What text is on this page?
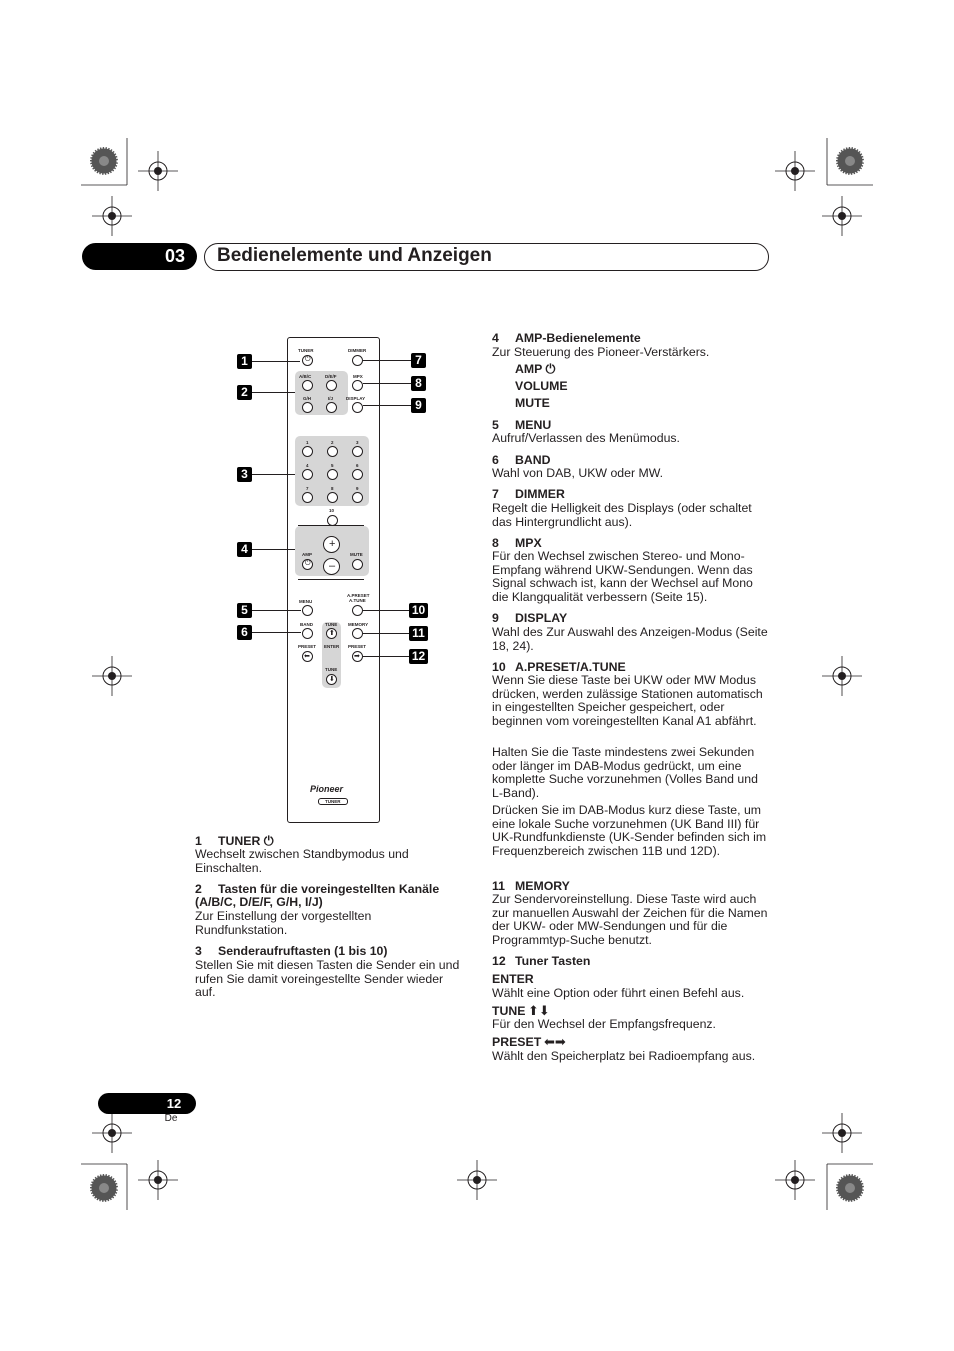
03 Bedienelemente und Anzeigen
TUNER
⏻
DIMMER
A/B/C	D/E/F	MPX
G/H	I/J	DISPLAY
1	2	3
4	5	6
7	8	9
10
+
–
AMP
⏻
MUTE
MENU
A.PRESET
A.TUNE
BAND	TUNE
⬆
MEMORY
PRESET
⬅
ENTER PRESET
➡
TUNE
⬇
Pioneer
TUNER
1
2
3
4
5
6
7
8
9
10
11
12
1 TUNER ⏻
Wechselt zwischen Standbymodus und Einschalten.
2 Tasten für die voreingestellten Kanäle
(A/B/C, D/E/F, G/H, I/J)
Zur Einstellung der vorgestellten Rundfunkstation.
3 Senderaufruftasten (1 bis 10)
Stellen Sie mit diesen Tasten die Sender ein und rufen Sie damit voreingestellte Sender wieder auf.
4 AMP-Bedienelemente
Zur Steuerung des Pioneer-Verstärkers.
AMP ⏻
VOLUME
MUTE
5 MENU
Aufruf/Verlassen des Menümodus.
6 BAND
Wahl von DAB, UKW oder MW.
7 DIMMER
Regelt die Helligkeit des Displays (oder schaltet das Hintergrundlicht aus).
8 MPX
Für den Wechsel zwischen Stereo- und Mono-Empfang während UKW-Sendungen. Wenn das Signal schwach ist, kann der Wechsel auf Mono die Klangqualität verbessern (Seite 15).
9 DISPLAY
Wahl des Zur Auswahl des Anzeigen-Modus (Seite 18, 24).
10 A.PRESET/A.TUNE
Wenn Sie diese Taste bei UKW oder MW Modus drücken, werden zulässige Stationen automatisch in eingestellten Speicher gespeichert, oder beginnen vom voreingestellten Kanal A1 abfährt.
Halten Sie die Taste mindestens zwei Sekunden oder länger im DAB-Modus gedrückt, um eine komplette Suche vorzunehmen (Volles Band und L-Band).
Drücken Sie im DAB-Modus kurz diese Taste, um eine lokale Suche vorzunehmen (UK Band III) für UK-Rundfunkdienste (UK-Sender befinden sich im Frequenzbereich zwischen 11B und 12D).
11 MEMORY
Zur Sendervoreinstellung. Diese Taste wird auch zur manuellen Auswahl der Zeichen für die Namen der UKW- oder MW-Sendungen und für die Programmtyp-Suche benutzt.
12 Tuner Tasten
ENTER
Wählt eine Option oder führt einen Befehl aus.
TUNE ⬆⬇
Für den Wechsel der Empfangsfrequenz.
PRESET ⬅➡
Wählt den Speicherplatz bei Radioempfang aus.
12
De
